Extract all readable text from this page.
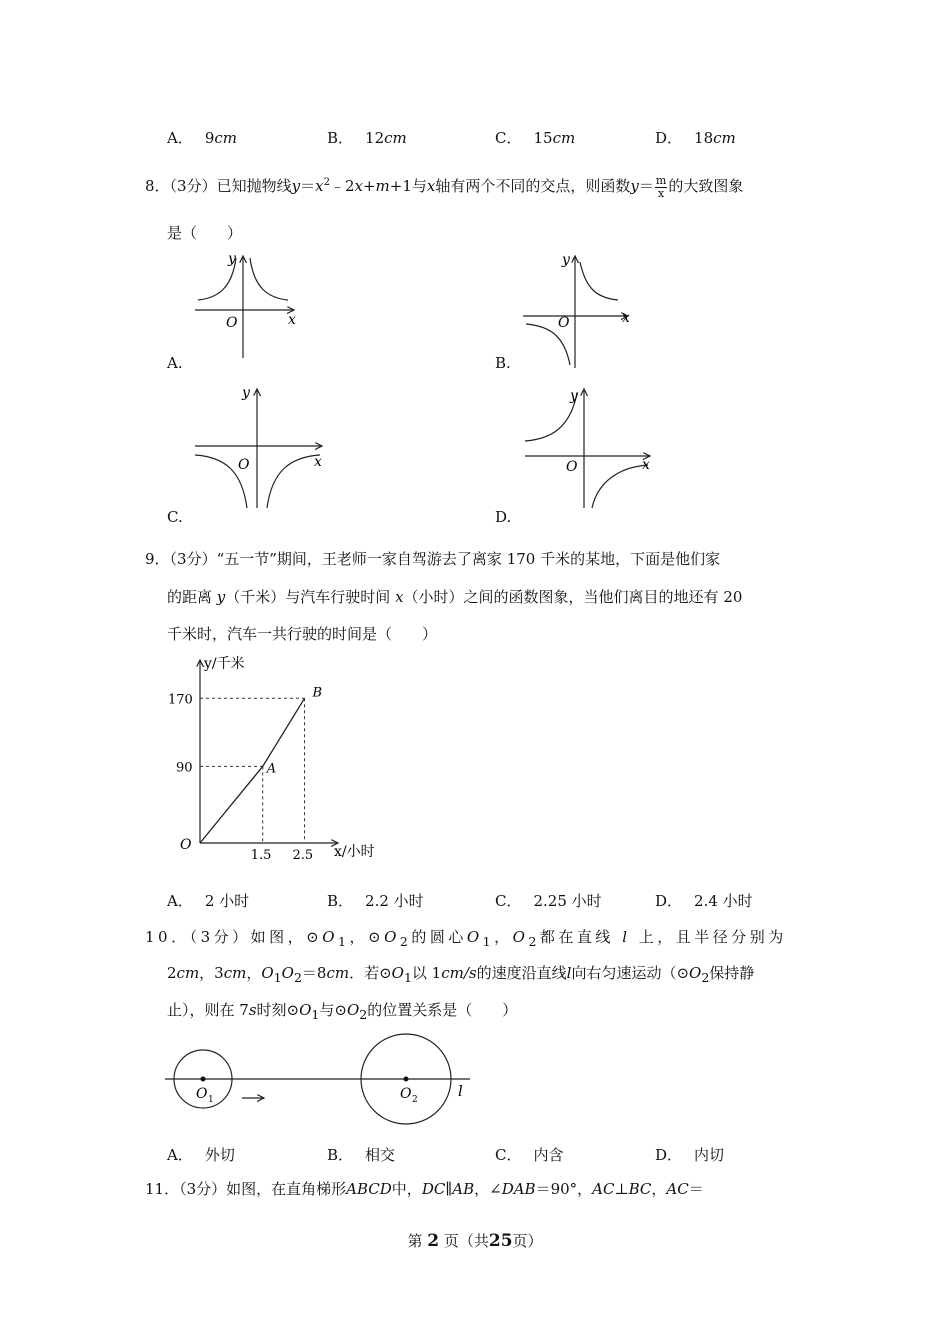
A． 9cm	B． 12cm	C． 15cm	D． 18cm
8．（3分）已知抛物线$y=x^2﹣2x+m+1$与x轴有两个不同的交点，则函数$y= \frac{m}{x}$ 的大致图象
是（　　）
y
x
O
A.
y
x
O
B.
y
x
O
C.
y
x
O
D.
9．（3分）“五一节”期间，王老师一家自驾游去了离家 170 千米的某地，下面是他们家
的距离 y（千米）与汽车行驶时间 x（小时）之间的函数图象，当他们离目的地还有 20
千米时，汽车一共行驶的时间是（　　）
O
A
B
1.5 2.5
90
170
y/千米
x/小时
A． 2 小时	B． 2.2 小时	C． 2.25 小时	D． 2.4 小时
10．（3分）如图，$⊙O_1$，$⊙O_2$的圆心$O_1$，$O_2$都在直线 l 上，且半径分别为
2cm，3cm，$O_1O_2=8cm$．若$⊙O_1$以 1cm/s的速度沿直线l向右匀速运动（$⊙O_2$保持静
止），则在 7s时刻$⊙O_1$与$⊙O_2$的位置关系是（　　）
O 1	O 2	l
A． 外切	B． 相交	C． 内含	D． 内切
11．（3分）如图，在直角梯形ABCD中，DC∥AB，∠DAB＝90°，AC⊥BC，AC＝
第 2 页（共25页）
